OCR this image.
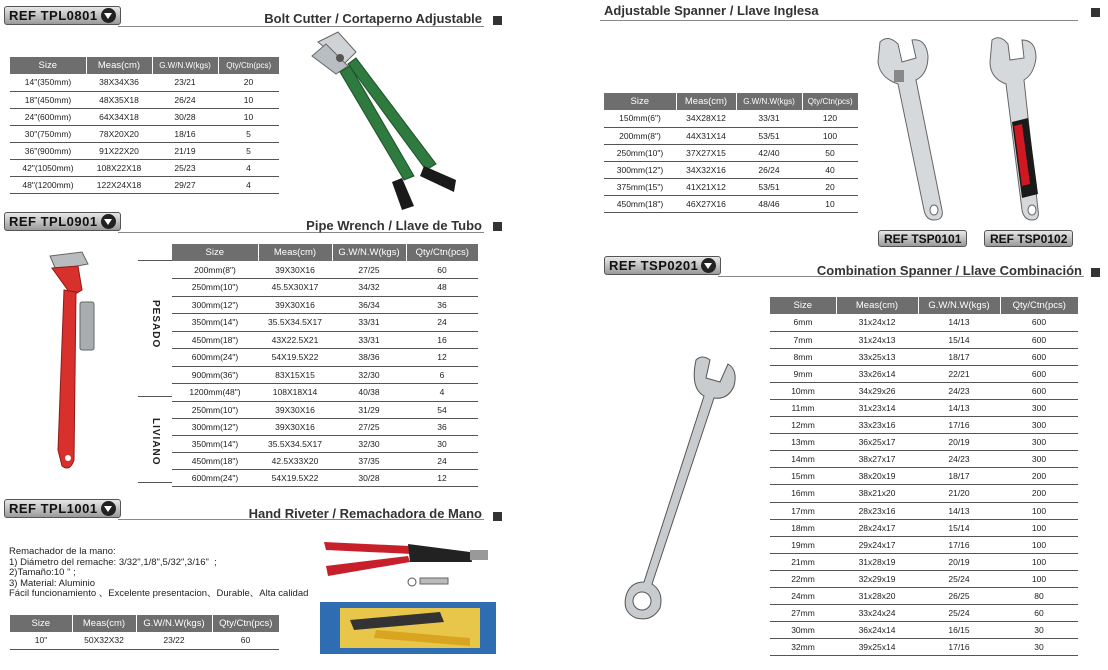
REF TPL0801	Bolt Cutter / Cortaperno Adjustable
Size	Meas(cm)	G.W/N.W(kgs)	Qty/Ctn(pcs)
14"(350mm)	38X34X36	23/21	20
18"(450mm)	48X35X18	26/24	10
24"(600mm)	64X34X18	30/28	10
30"(750mm)	78X20X20	18/16	5
36"(900mm)	91X22X20	21/19	5
42"(1050mm)	108X22X18	25/23	4
48"(1200mm)	122X24X18	29/27	4
REF TPL0901	Pipe Wrench / Llave de Tubo
PESADO
LIVIANO
Size	Meas(cm)	G.W/N.W(kgs)	Qty/Ctn(pcs)
200mm(8")	39X30X16	27/25	60
250mm(10")	45.5X30X17	34/32	48
300mm(12")	39X30X16	36/34	36
350mm(14")	35.5X34.5X17	33/31	24
450mm(18")	43X22.5X21	33/31	16
600mm(24")	54X19.5X22	38/36	12
900mm(36")	83X15X15	32/30	6
1200mm(48")	108X18X14	40/38	4
250mm(10")	39X30X16	31/29	54
300mm(12")	39X30X16	27/25	36
350mm(14")	35.5X34.5X17	32/30	30
450mm(18")	42.5X33X20	37/35	24
600mm(24")	54X19.5X22	30/28	12
REF TPL1001	Hand Riveter / Remachadora de Mano
Remachador de la mano:
1) Diámetro del remache: 3/32",1/8",5/32",3/16"  ;
2)Tamaño:10 " ;
3) Material: Aluminio
Fácil funcionamiento 、Excelente presentacion、Durable、Alta calidad
Size	Meas(cm)	G.W/N.W(kgs)	Qty/Ctn(pcs)
10"	50X32X32	23/22	60
Adjustable Spanner / Llave Inglesa
Size	Meas(cm)	G.W/N.W(kgs)	Qty/Ctn(pcs)
150mm(6")	34X28X12	33/31	120
200mm(8")	44X31X14	53/51	100
250mm(10")	37X27X15	42/40	50
300mm(12")	34X32X16	26/24	40
375mm(15")	41X21X12	53/51	20
450mm(18")	46X27X16	48/46	10
REF TSP0101	REF TSP0102
REF TSP0201	Combination Spanner / Llave Combinación
Size	Meas(cm)	G.W/N.W(kgs)	Qty/Ctn(pcs)
6mm	31x24x12	14/13	600
7mm	31x24x13	15/14	600
8mm	33x25x13	18/17	600
9mm	33x26x14	22/21	600
10mm	34x29x26	24/23	600
11mm	31x23x14	14/13	300
12mm	33x23x16	17/16	300
13mm	36x25x17	20/19	300
14mm	38x27x17	24/23	300
15mm	38x20x19	18/17	200
16mm	38x21x20	21/20	200
17mm	28x23x16	14/13	100
18mm	28x24x17	15/14	100
19mm	29x24x17	17/16	100
21mm	31x28x19	20/19	100
22mm	32x29x19	25/24	100
24mm	31x28x20	26/25	80
27mm	33x24x24	25/24	60
30mm	36x24x14	16/15	30
32mm	39x25x14	17/16	30
